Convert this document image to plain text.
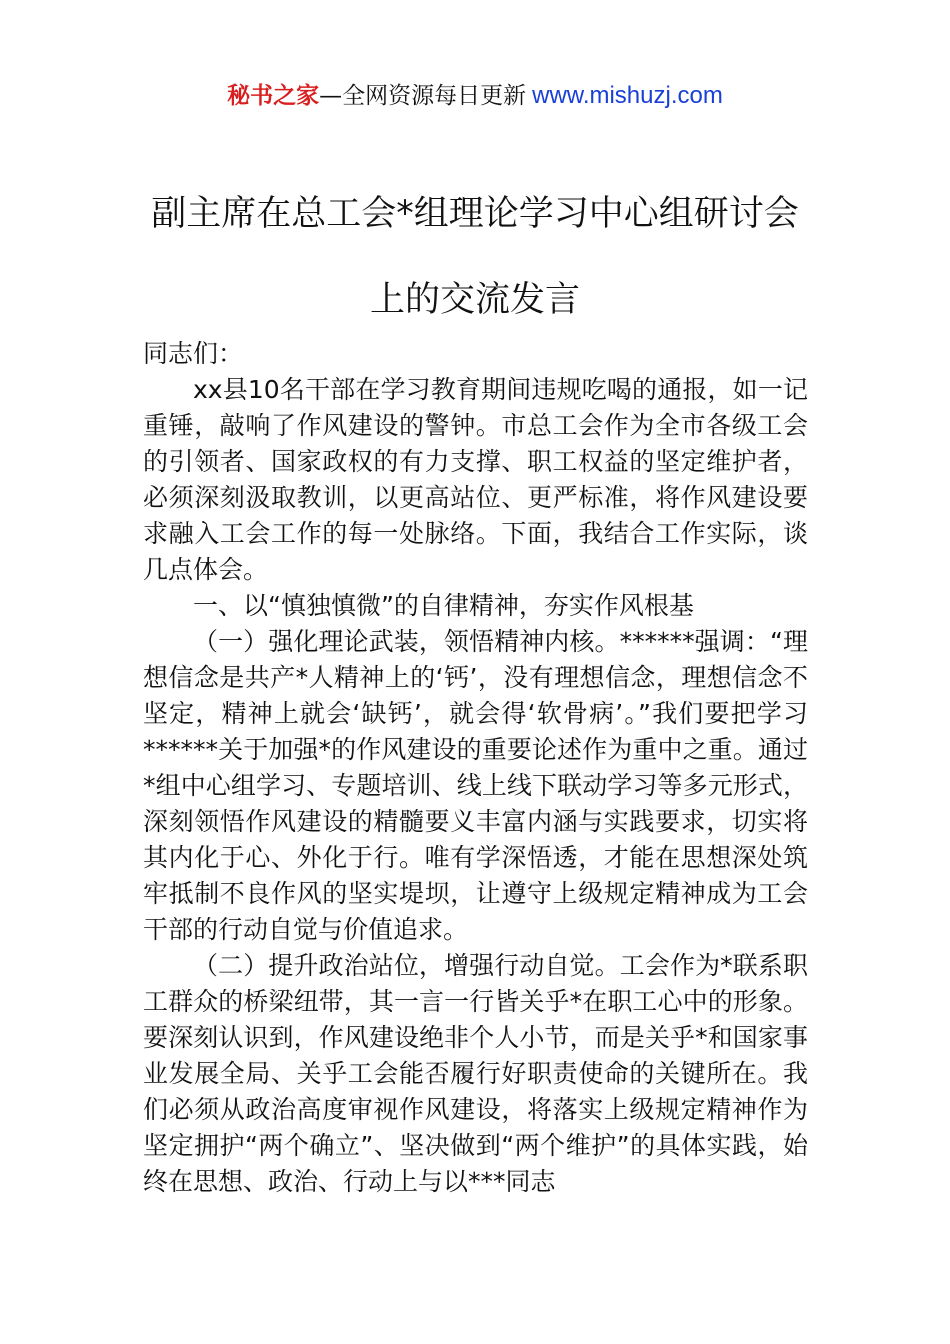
秘书之家—全网资源每日更新 www.mishuzj.com
副主席在总工会*组理论学习中心组研讨会
上的交流发言

同志们：

xx县10名干部在学习教育期间违规吃喝的通报，如一记重锤，敲响了作风建设的警钟。市总工会作为全市各级工会的引领者、国家政权的有力支撑、职工权益的坚定维护者，必须深刻汲取教训，以更高站位、更严标准，将作风建设要求融入工会工作的每一处脉络。下面，我结合工作实际，谈几点体会。

一、以“慎独慎微”的自律精神，夯实作风根基

（一）强化理论武装，领悟精神内核。******强调：“理想信念是共产*人精神上的‘钙’，没有理想信念，理想信念不坚定，精神上就会‘缺钙’，就会得‘软骨病’。”我们要把学习******关于加强*的作风建设的重要论述作为重中之重。通过*组中心组学习、专题培训、线上线下联动学习等多元形式，深刻领悟作风建设的精髓要义丰富内涵与实践要求，切实将其内化于心、外化于行。唯有学深悟透，才能在思想深处筑牢抵制不良作风的坚实堤坝，让遵守上级规定精神成为工会干部的行动自觉与价值追求。

（二）提升政治站位，增强行动自觉。工会作为*联系职工群众的桥梁纽带，其一言一行皆关乎*在职工心中的形象。要深刻认识到，作风建设绝非个人小节，而是关乎*和国家事业发展全局、关乎工会能否履行好职责使命的关键所在。我们必须从政治高度审视作风建设，将落实上级规定精神作为坚定拥护“两个确立”、坚决做到“两个维护”的具体实践，始终在思想、政治、行动上与以***同志
